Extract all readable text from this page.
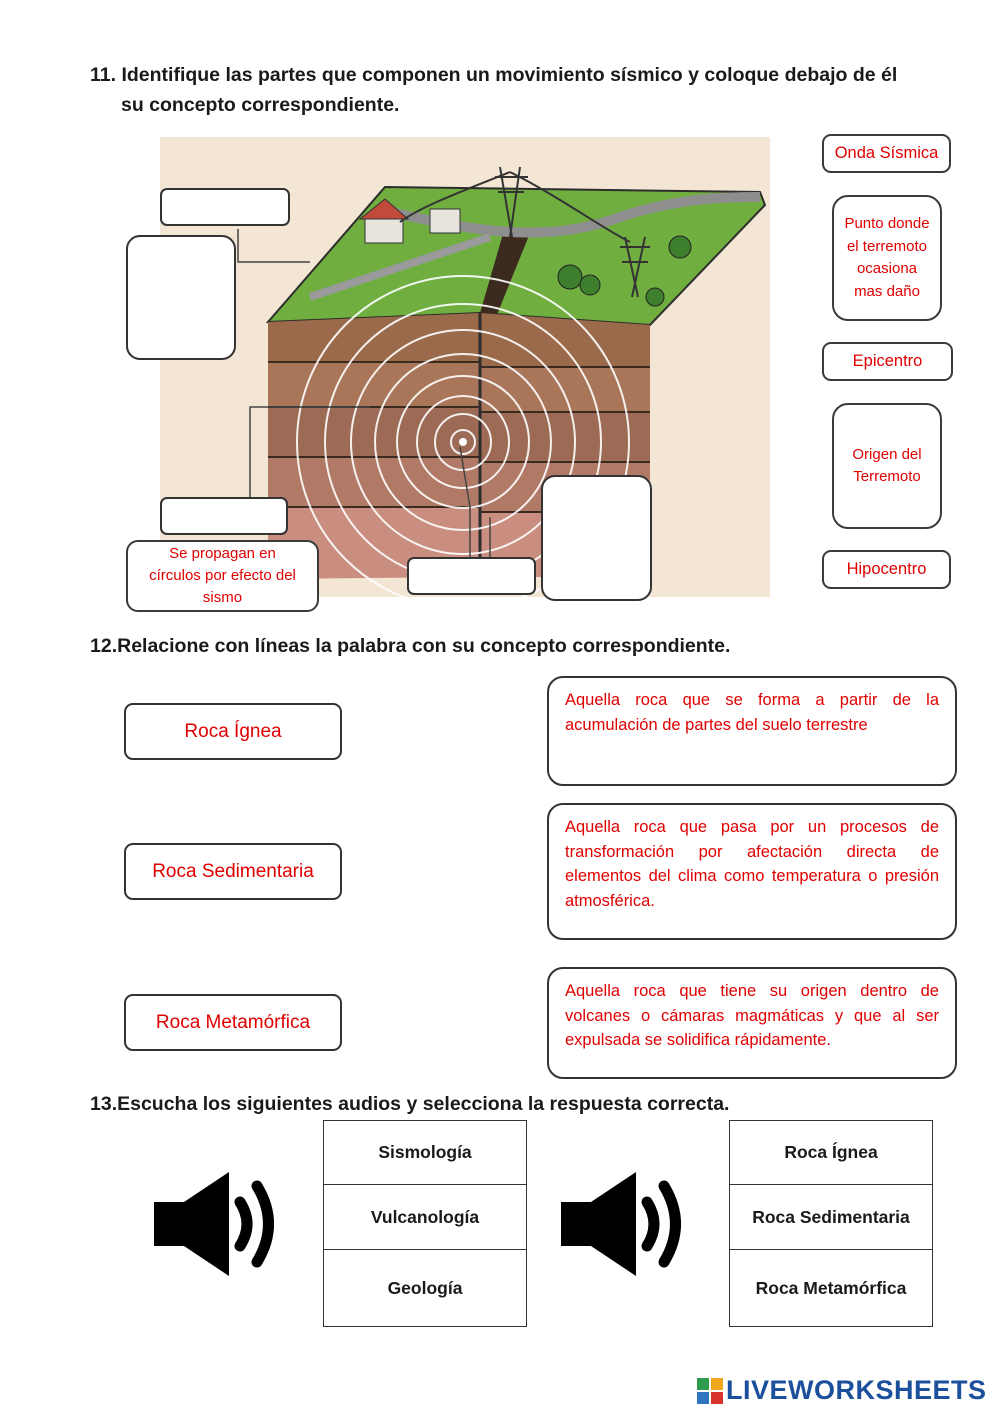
11. Identifique las partes que componen un movimiento sísmico y coloque debajo de él
su concepto correspondiente.
Se propagan en círculos por efecto del sismo
Onda Sísmica
Punto donde el terremoto ocasiona mas daño
Epicentro
Origen del Terremoto
Hipocentro
12.Relacione con líneas la palabra con su concepto correspondiente.
Roca Ígnea
Roca Sedimentaria
Roca Metamórfica
Aquella roca que se forma a partir de la acumulación de partes del suelo terrestre
Aquella roca que pasa por un procesos de transformación por afectación directa de elementos del clima como temperatura o presión atmosférica.
Aquella roca que tiene su origen dentro de volcanes o cámaras magmáticas y que al ser expulsada se solidifica rápidamente.
13.Escucha los siguientes audios y selecciona la respuesta correcta.
Sismología
Vulcanología
Geología
Roca Ígnea
Roca Sedimentaria
Roca Metamórfica
LIVEWORKSHEETS
